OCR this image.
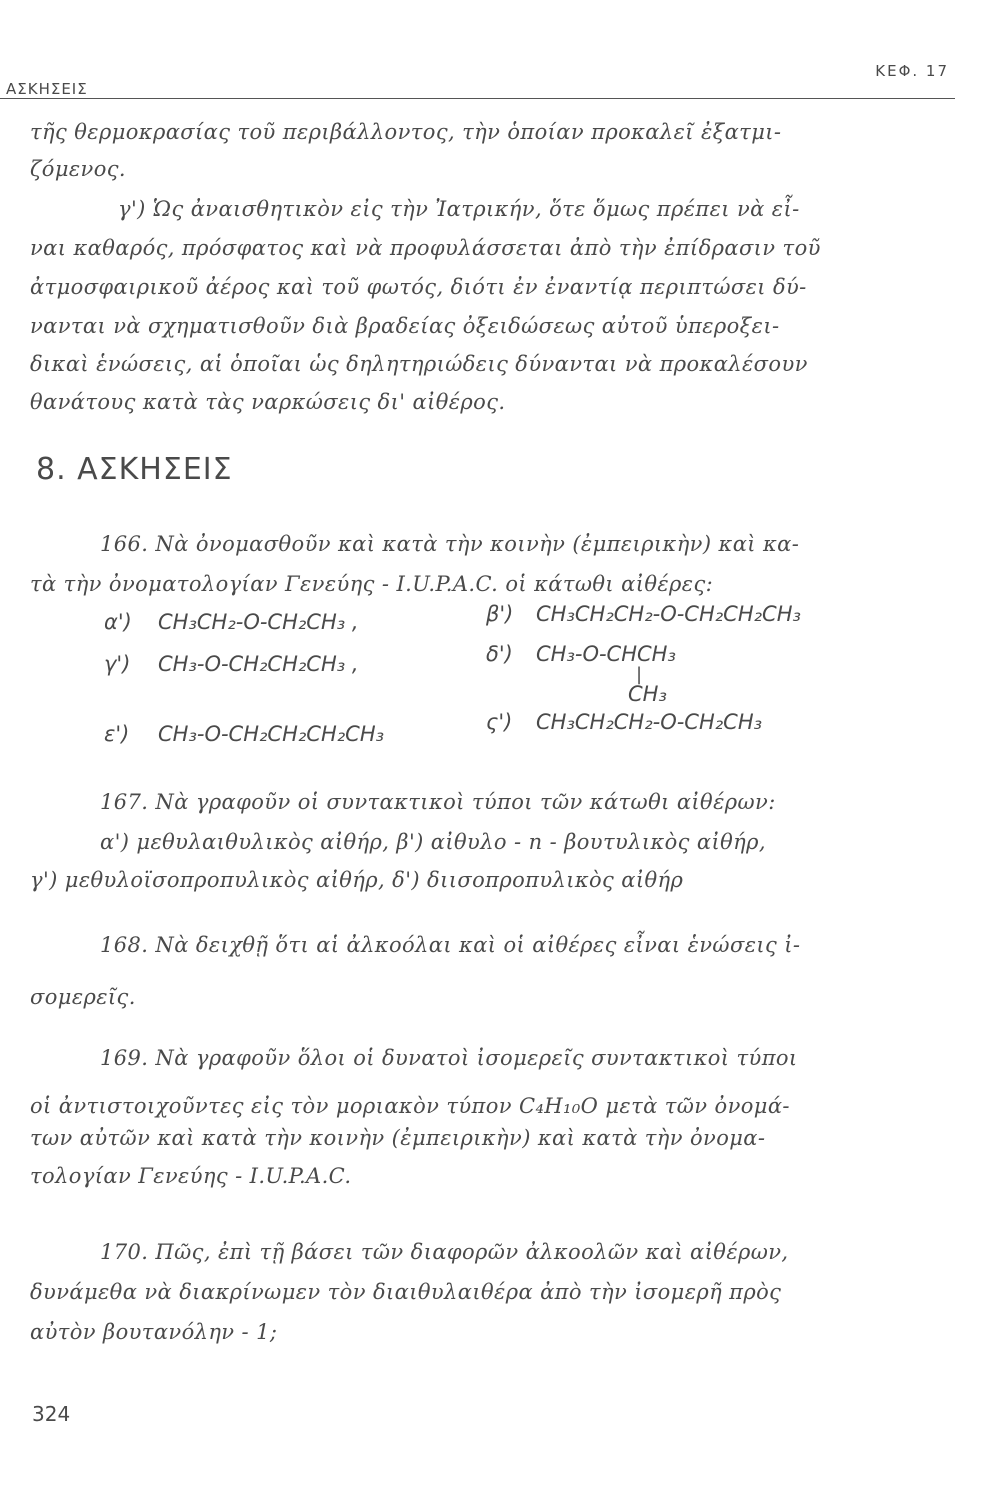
ΑΣΚΗΣΕΙΣ
ΚΕΦ. 17
τῆς θερμοκρασίας τοῦ περιβάλλοντος, τὴν ὁποίαν προκαλεῖ ἐξατμι-
ζόμενος.
γ') Ὡς ἀναισθητικὸν εἰς τὴν Ἰατρικήν, ὅτε ὅμως πρέπει νὰ εἶ-
ναι καθαρός, πρόσφατος καὶ νὰ προφυλάσσεται ἀπὸ τὴν ἐπίδρασιν τοῦ
ἀτμοσφαιρικοῦ ἀέρος καὶ τοῦ φωτός, διότι ἐν ἐναντίᾳ περιπτώσει δύ-
νανται νὰ σχηματισθοῦν διὰ βραδείας ὀξειδώσεως αὐτοῦ ὑπεροξει-
δικαὶ ἑνώσεις, αἱ ὁποῖαι ὡς δηλητηριώδεις δύνανται νὰ προκαλέσουν
θανάτους κατὰ τὰς ναρκώσεις δι' αἰθέρος.
8. ΑΣΚΗΣΕΙΣ
166. Νὰ ὀνομασθοῦν καὶ κατὰ τὴν κοινὴν (ἐμπειρικὴν) καὶ κα-
τὰ τὴν ὀνοματολογίαν Γενεύης - I.U.P.A.C. οἱ κάτωθι αἰθέρες:
α') CH₃CH₂-O-CH₂CH₃ ,	β') CH₃CH₂CH₂-O-CH₂CH₂CH₃
γ') CH₃-O-CH₂CH₂CH₃ ,	δ') CH₃-O-CHCH₃
|
CH₃
ε') CH₃-O-CH₂CH₂CH₂CH₃	ς') CH₃CH₂CH₂-O-CH₂CH₃
167. Νὰ γραφοῦν οἱ συντακτικοὶ τύποι τῶν κάτωθι αἰθέρων:
α') μεθυλαιθυλικὸς αἰθήρ, β') αἰθυλο - n - βουτυλικὸς αἰθήρ,
γ') μεθυλοϊσοπροπυλικὸς αἰθήρ, δ') διισοπροπυλικὸς αἰθήρ
168. Νὰ δειχθῇ ὅτι αἱ ἀλκοόλαι καὶ οἱ αἰθέρες εἶναι ἑνώσεις ἰ-
σομερεῖς.
169. Νὰ γραφοῦν ὅλοι οἱ δυνατοὶ ἰσομερεῖς συντακτικοὶ τύποι
οἱ ἀντιστοιχοῦντες εἰς τὸν μοριακὸν τύπον C₄H₁₀O μετὰ τῶν ὀνομά-
των αὐτῶν καὶ κατὰ τὴν κοινὴν (ἐμπειρικὴν) καὶ κατὰ τὴν ὀνομα-
τολογίαν Γενεύης - I.U.P.A.C.
170. Πῶς, ἐπὶ τῇ βάσει τῶν διαφορῶν ἀλκοολῶν καὶ αἰθέρων,
δυνάμεθα νὰ διακρίνωμεν τὸν διαιθυλαιθέρα ἀπὸ τὴν ἰσομερῆ πρὸς
αὐτὸν βουτανόλην - 1;
324
